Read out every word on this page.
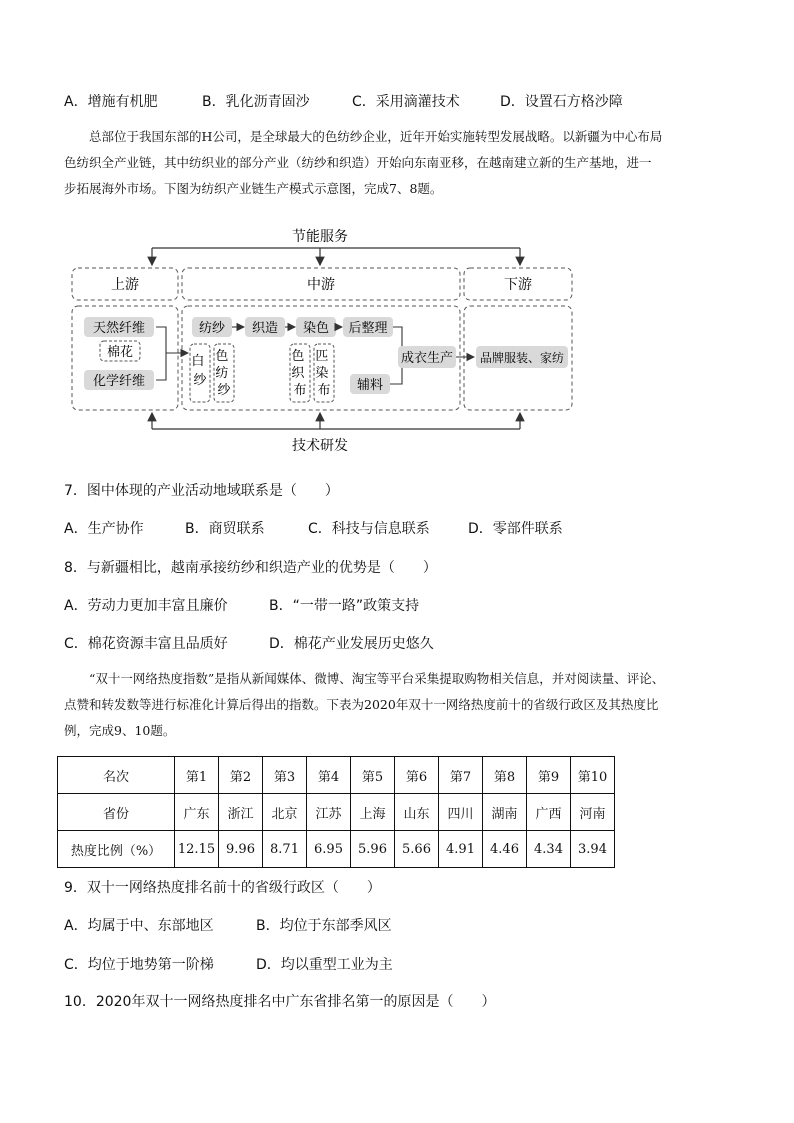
A．增施有机肥	B．乳化沥青固沙	C．采用滴灌技术	D．设置石方格沙障
总部位于我国东部的H公司，是全球最大的色纺纱企业，近年开始实施转型发展战略。以新疆为中心布局
色纺织全产业链，其中纺织业的部分产业（纺纱和织造）开始向东南亚移，在越南建立新的生产基地，进一
步拓展海外市场。下图为纺织产业链生产模式示意图，完成7、8题。
节能服务
上游	中游	下游
天然纤维
棉花
化学纤维
纺纱 织造 染色 后整理
白 纱
色 纺 纱
色 织 布
匹 染 布 辅料
成衣生产 品牌服装、家纺
技术研发
7．图中体现的产业活动地域联系是（　　）
A．生产协作	B．商贸联系	C．科技与信息联系	D．零部件联系
8．与新疆相比，越南承接纺纱和织造产业的优势是（　　）
A．劳动力更加丰富且廉价	B．“一带一路”政策支持
C．棉花资源丰富且品质好	D．棉花产业发展历史悠久
“双十一网络热度指数”是指从新闻媒体、微博、淘宝等平台采集提取购物相关信息，并对阅读量、评论、
点赞和转发数等进行标准化计算后得出的指数。下表为2020年双十一网络热度前十的省级行政区及其热度比
例，完成9、10题。
名次	第1	第2	第3	第4	第5	第6	第7	第8	第9	第10
省份	广东	浙江	北京	江苏	上海	山东	四川	湖南	广西	河南
热度比例（%）	12.15	9.96	8.71	6.95	5.96	5.66	4.91	4.46	4.34	3.94
9．双十一网络热度排名前十的省级行政区（　　）
A．均属于中、东部地区	B．均位于东部季风区
C．均位于地势第一阶梯	D．均以重型工业为主
10．2020年双十一网络热度排名中广东省排名第一的原因是（　　）
